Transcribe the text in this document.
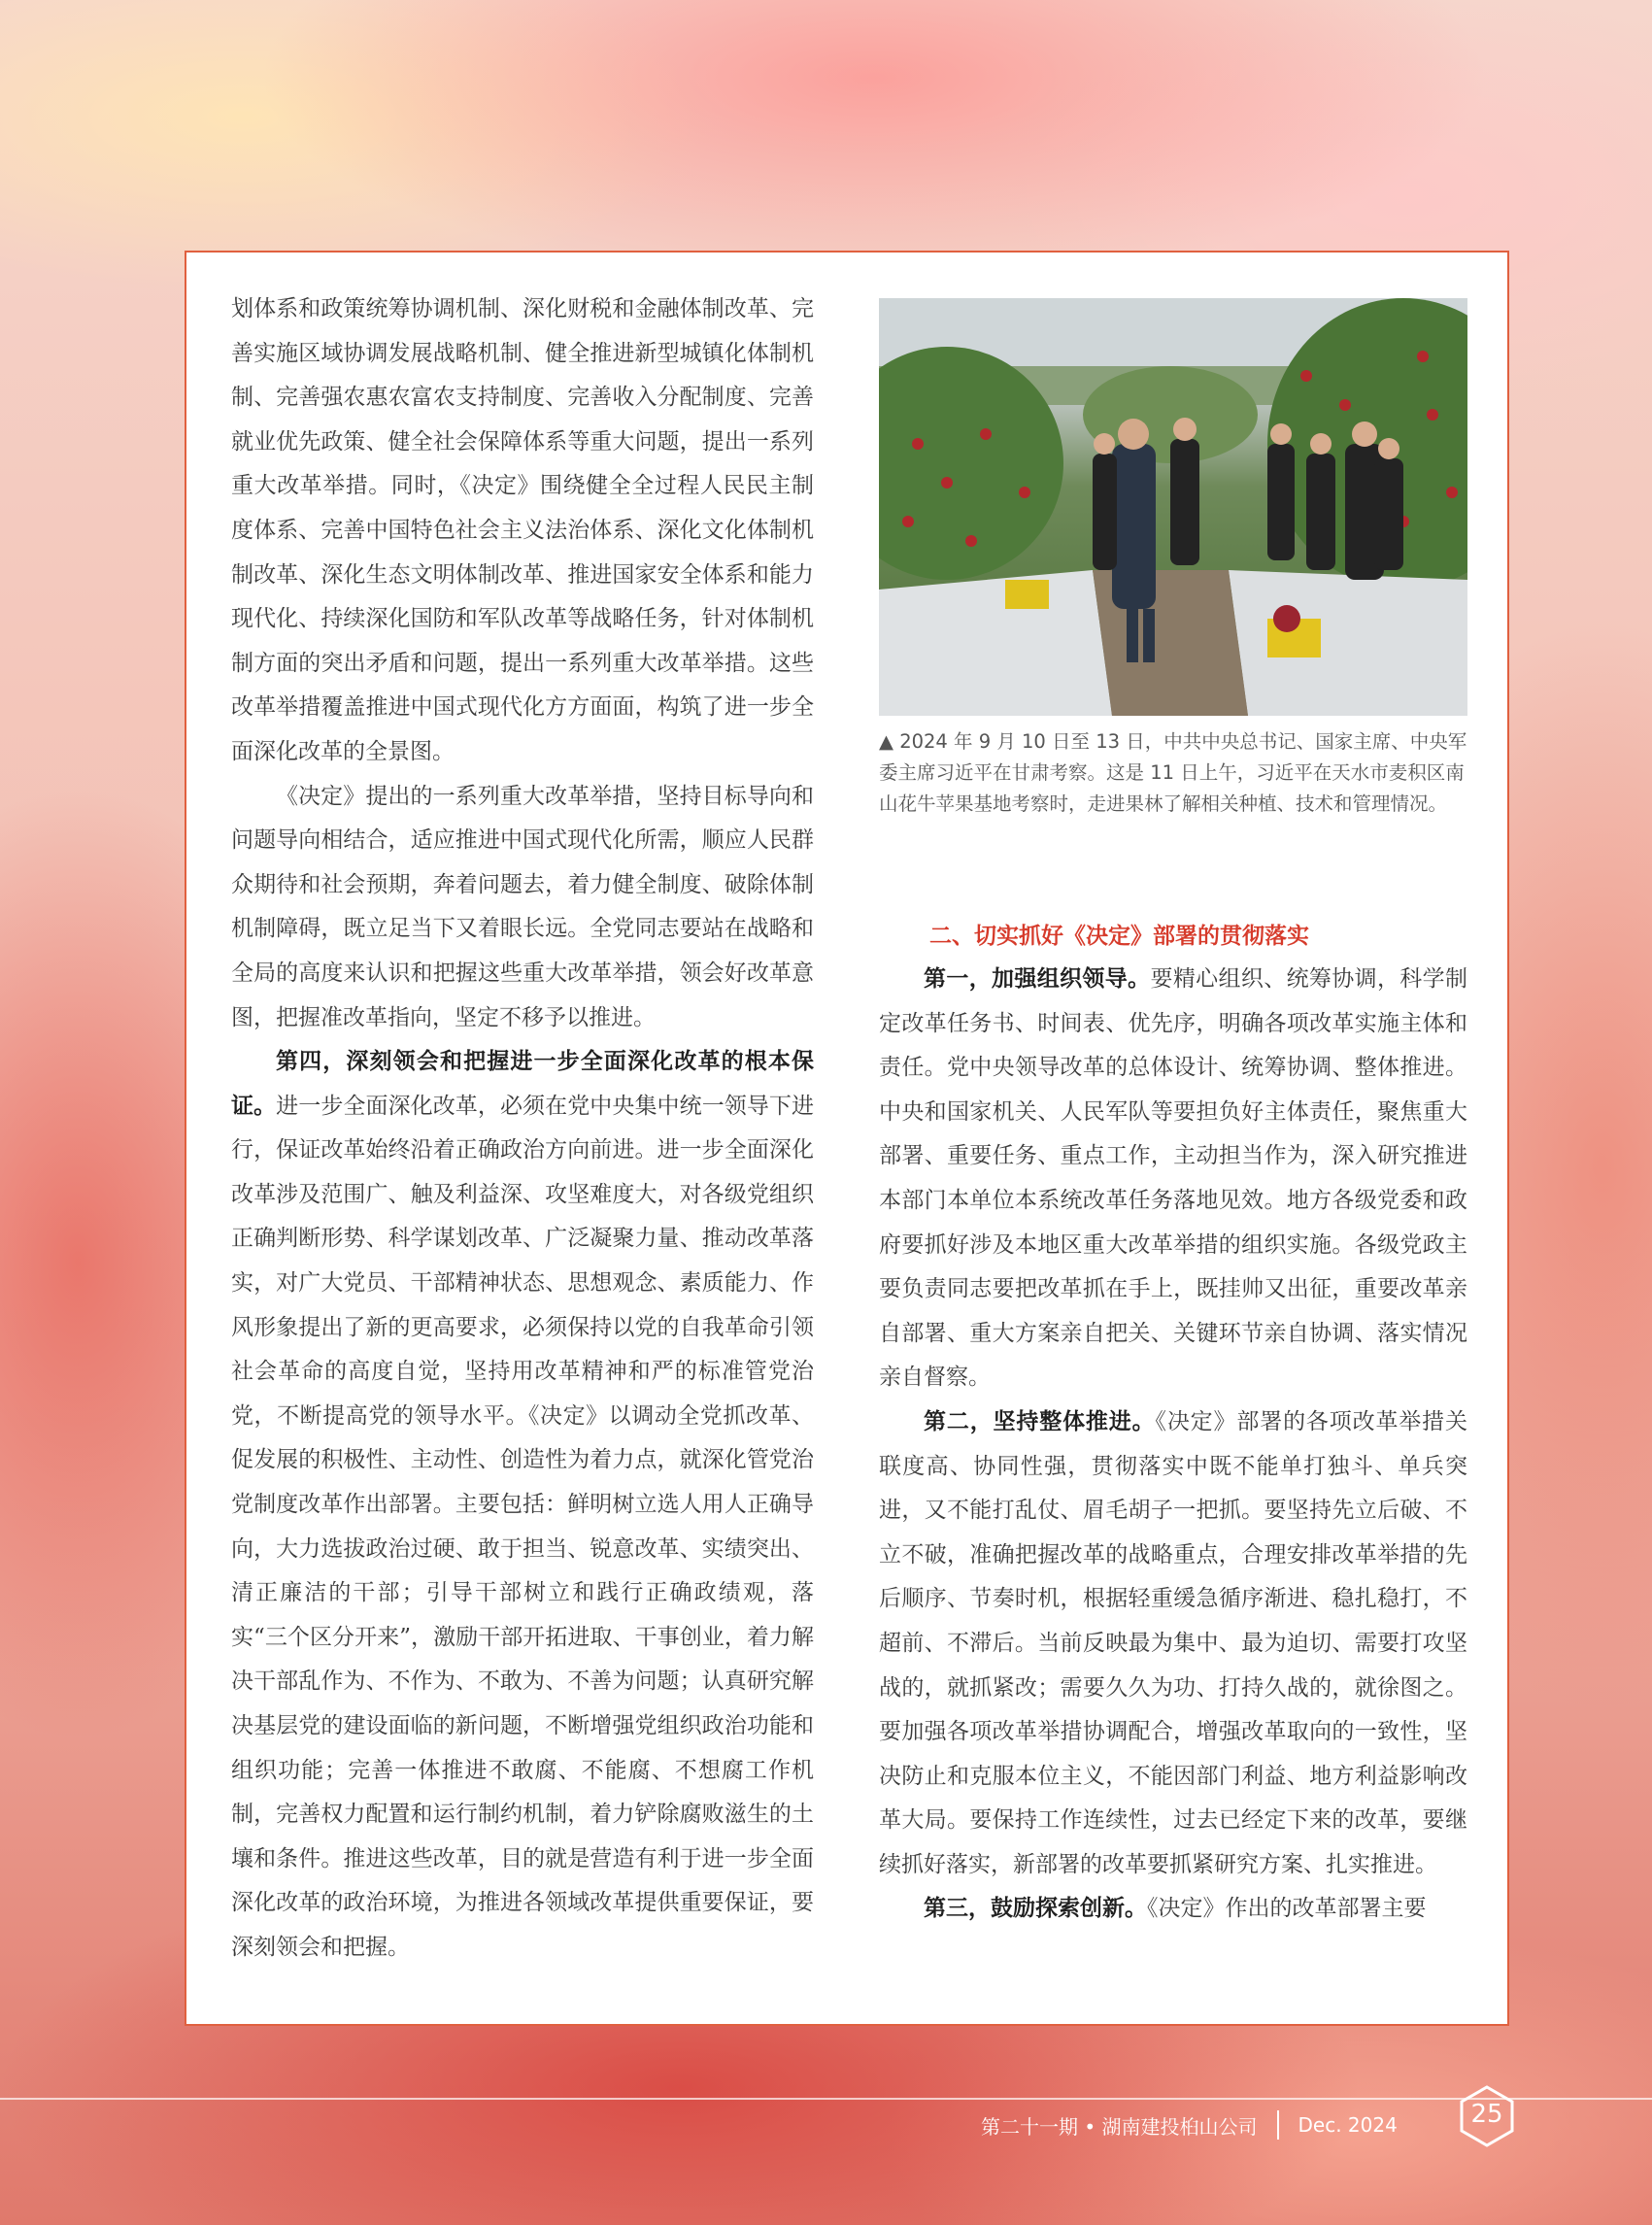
划体系和政策统筹协调机制、深化财税和金融体制改革、完善实施区域协调发展战略机制、健全推进新型城镇化体制机制、完善强农惠农富农支持制度、完善收入分配制度、完善就业优先政策、健全社会保障体系等重大问题，提出一系列重大改革举措。同时，《决定》围绕健全全过程人民民主制度体系、完善中国特色社会主义法治体系、深化文化体制机制改革、深化生态文明体制改革、推进国家安全体系和能力现代化、持续深化国防和军队改革等战略任务，针对体制机制方面的突出矛盾和问题，提出一系列重大改革举措。这些改革举措覆盖推进中国式现代化方方面面，构筑了进一步全面深化改革的全景图。

《决定》提出的一系列重大改革举措，坚持目标导向和问题导向相结合，适应推进中国式现代化所需，顺应人民群众期待和社会预期，奔着问题去，着力健全制度、破除体制机制障碍，既立足当下又着眼长远。全党同志要站在战略和全局的高度来认识和把握这些重大改革举措，领会好改革意图，把握准改革指向，坚定不移予以推进。

第四，深刻领会和把握进一步全面深化改革的根本保证。进一步全面深化改革，必须在党中央集中统一领导下进行，保证改革始终沿着正确政治方向前进。进一步全面深化改革涉及范围广、触及利益深、攻坚难度大，对各级党组织正确判断形势、科学谋划改革、广泛凝聚力量、推动改革落实，对广大党员、干部精神状态、思想观念、素质能力、作风形象提出了新的更高要求，必须保持以党的自我革命引领社会革命的高度自觉，坚持用改革精神和严的标准管党治党，不断提高党的领导水平。《决定》以调动全党抓改革、促发展的积极性、主动性、创造性为着力点，就深化管党治党制度改革作出部署。主要包括：鲜明树立选人用人正确导向，大力选拔政治过硬、敢于担当、锐意改革、实绩突出、清正廉洁的干部；引导干部树立和践行正确政绩观，落实“三个区分开来”，激励干部开拓进取、干事创业，着力解决干部乱作为、不作为、不敢为、不善为问题；认真研究解决基层党的建设面临的新问题，不断增强党组织政治功能和组织功能；完善一体推进不敢腐、不能腐、不想腐工作机制，完善权力配置和运行制约机制，着力铲除腐败滋生的土壤和条件。推进这些改革，目的就是营造有利于进一步全面深化改革的政治环境，为推进各领域改革提供重要保证，要深刻领会和把握。

▲ 2024 年 9 月 10 日至 13 日，中共中央总书记、国家主席、中央军委主席习近平在甘肃考察。这是 11 日上午，习近平在天水市麦积区南山花牛苹果基地考察时，走进果林了解相关种植、技术和管理情况。
二、切实抓好《决定》部署的贯彻落实

第一，加强组织领导。要精心组织、统筹协调，科学制定改革任务书、时间表、优先序，明确各项改革实施主体和责任。党中央领导改革的总体设计、统筹协调、整体推进。中央和国家机关、人民军队等要担负好主体责任，聚焦重大部署、重要任务、重点工作，主动担当作为，深入研究推进本部门本单位本系统改革任务落地见效。地方各级党委和政府要抓好涉及本地区重大改革举措的组织实施。各级党政主要负责同志要把改革抓在手上，既挂帅又出征，重要改革亲自部署、重大方案亲自把关、关键环节亲自协调、落实情况亲自督察。

第二，坚持整体推进。《决定》部署的各项改革举措关联度高、协同性强，贯彻落实中既不能单打独斗、单兵突进，又不能打乱仗、眉毛胡子一把抓。要坚持先立后破、不立不破，准确把握改革的战略重点，合理安排改革举措的先后顺序、节奏时机，根据轻重缓急循序渐进、稳扎稳打，不超前、不滞后。当前反映最为集中、最为迫切、需要打攻坚战的，就抓紧改；需要久久为功、打持久战的，就徐图之。要加强各项改革举措协调配合，增强改革取向的一致性，坚决防止和克服本位主义，不能因部门利益、地方利益影响改革大局。要保持工作连续性，过去已经定下来的改革，要继续抓好落实，新部署的改革要抓紧研究方案、扎实推进。

第三，鼓励探索创新。《决定》作出的改革部署主要

第二十一期 • 湖南建投桕山公司 Dec. 2024	25
